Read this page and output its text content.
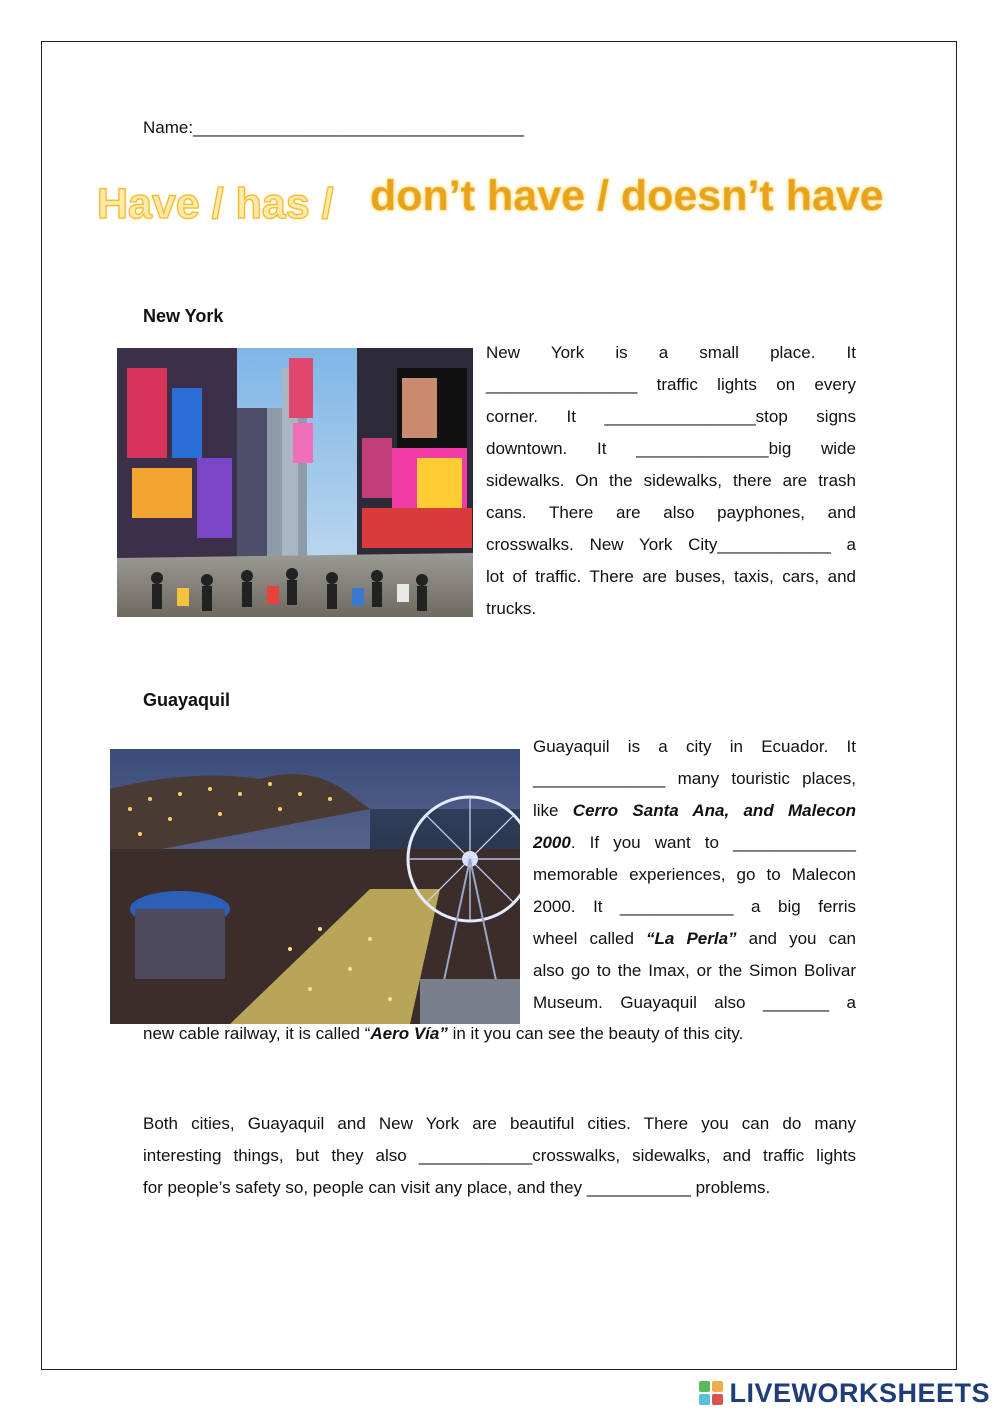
Name:___________________________________
Have / has / don’t have / doesn’t have
New York
New York is a small place. It
________________ traffic lights on every
corner. It ________________stop signs
downtown. It ______________big wide
sidewalks. On the sidewalks, there are trash
cans. There are also payphones, and
crosswalks. New York City____________ a
lot of traffic. There are buses, taxis, cars, and
trucks.
Guayaquil
Guayaquil is a city in Ecuador. It
______________ many touristic places,
like Cerro Santa Ana, and Malecon
2000. If you want to _____________
memorable experiences, go to Malecon
2000. It ____________ a big ferris
wheel called “La Perla” and you can
also go to the Imax, or the Simon Bolivar
Museum. Guayaquil also _______ a
new cable railway, it is called “Aero Vía” in it you can see the beauty of this city.
Both cities, Guayaquil and New York are beautiful cities. There you can do many
interesting things, but they also ____________crosswalks, sidewalks, and traffic lights
for people’s safety so, people can visit any place, and they ___________ problems.
LIVEWORKSHEETS
